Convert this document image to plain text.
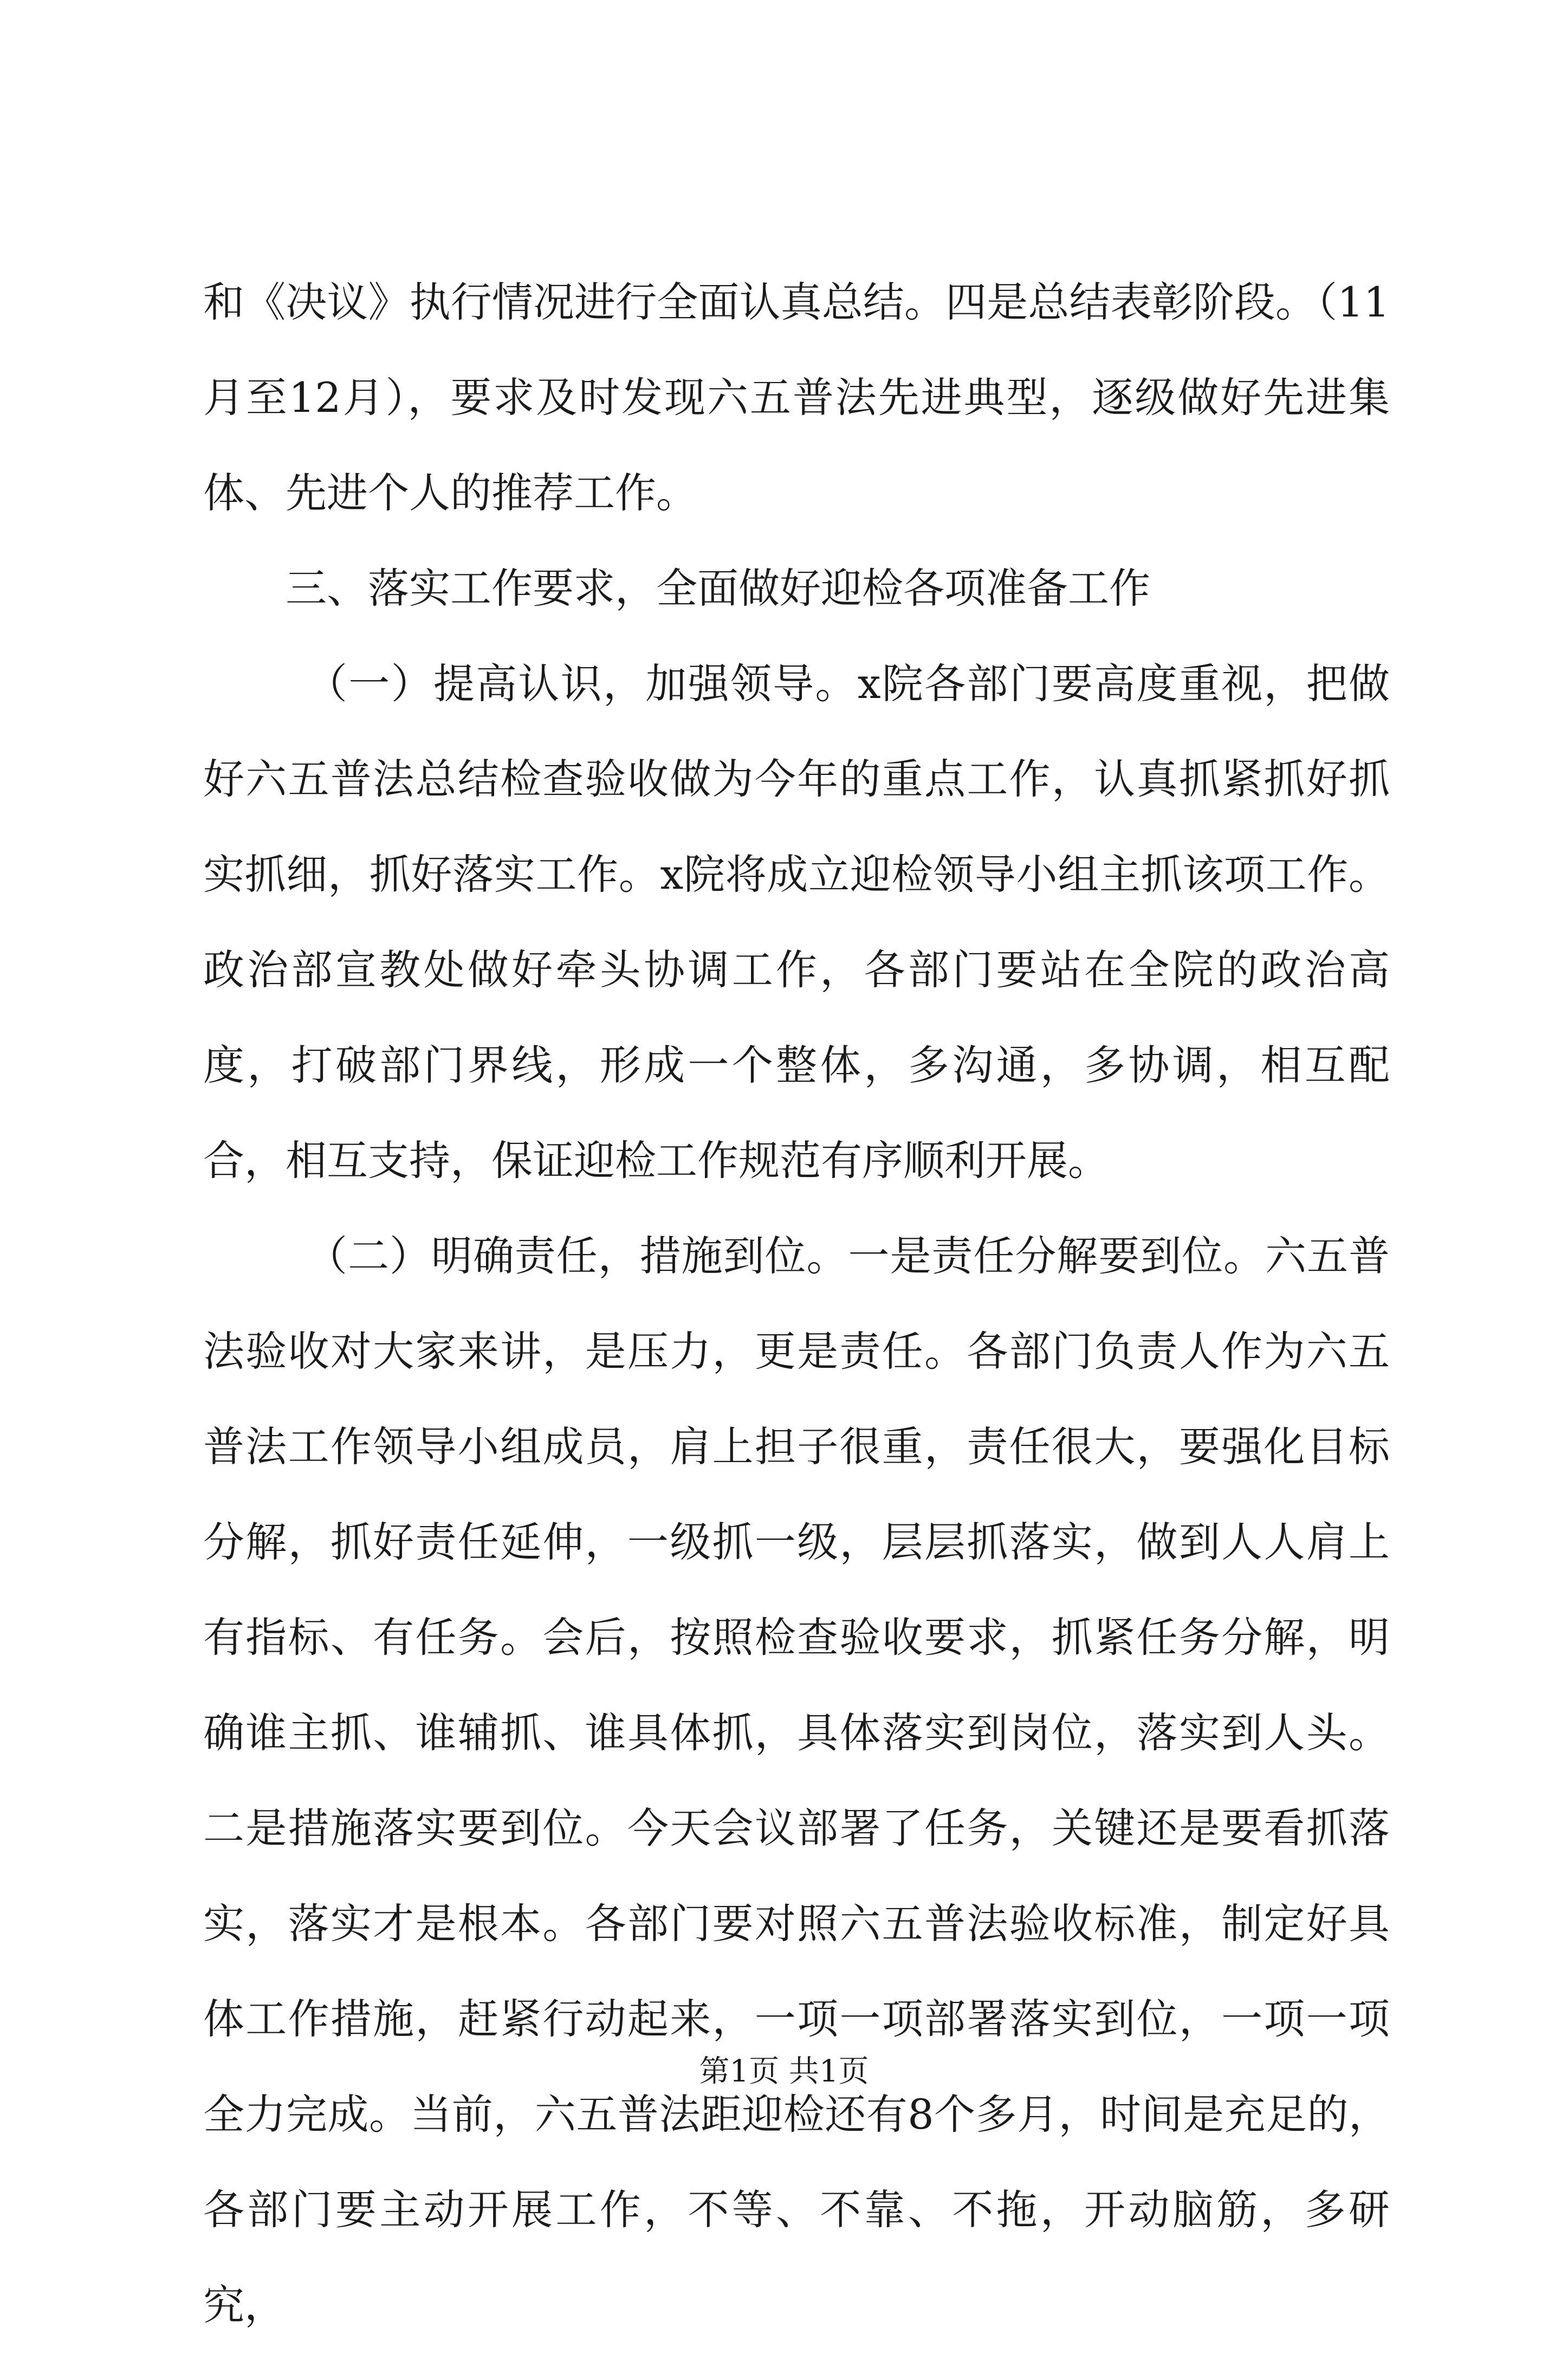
和《决议》执行情况进行全面认真总结。四是总结表彰阶段。（11月至12月），要求及时发现六五普法先进典型，逐级做好先进集体、先进个人的推荐工作。

三、落实工作要求，全面做好迎检各项准备工作

（一）提高认识，加强领导。x院各部门要高度重视，把做好六五普法总结检查验收做为今年的重点工作，认真抓紧抓好抓实抓细，抓好落实工作。x院将成立迎检领导小组主抓该项工作。政治部宣教处做好牵头协调工作，各部门要站在全院的政治高度，打破部门界线，形成一个整体，多沟通，多协调，相互配合，相互支持，保证迎检工作规范有序顺利开展。

（二）明确责任，措施到位。一是责任分解要到位。六五普法验收对大家来讲，是压力，更是责任。各部门负责人作为六五普法工作领导小组成员，肩上担子很重，责任很大，要强化目标分解，抓好责任延伸，一级抓一级，层层抓落实，做到人人肩上有指标、有任务。会后，按照检查验收要求，抓紧任务分解，明确谁主抓、谁辅抓、谁具体抓，具体落实到岗位，落实到人头。二是措施落实要到位。今天会议部署了任务，关键还是要看抓落实，落实才是根本。各部门要对照六五普法验收标准，制定好具体工作措施，赶紧行动起来，一项一项部署落实到位，一项一项全力完成。当前，六五普法距迎检还有8个多月，时间是充足的，各部门要主动开展工作，不等、不靠、不拖，开动脑筋，多研究，

第1页 共1页
